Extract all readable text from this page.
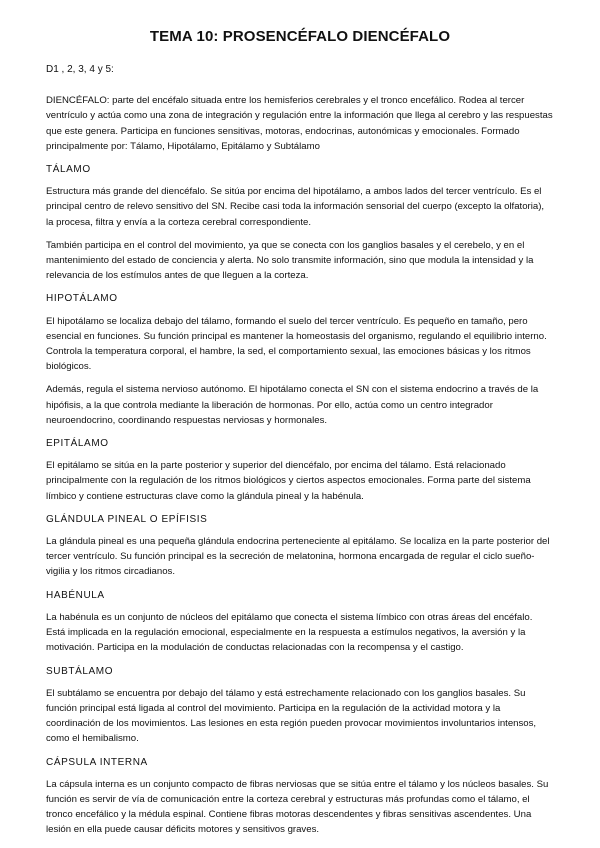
TEMA 10: PROSENCÉFALO DIENCÉFALO
D1 , 2, 3, 4 y 5:

DIENCÉFALO: parte del encéfalo situada entre los hemisferios cerebrales y el tronco encefálico. Rodea al tercer ventrículo y actúa como una zona de integración y regulación entre la información que llega al cerebro y las respuestas que este genera. Participa en funciones sensitivas, motoras, endocrinas, autonómicas y emocionales. Formado principalmente por: Tálamo, Hipotálamo, Epitálamo y Subtálamo

TÁLAMO

Estructura más grande del diencéfalo. Se sitúa por encima del hipotálamo, a ambos lados del tercer ventrículo. Es el principal centro de relevo sensitivo del SN. Recibe casi toda la información sensorial del cuerpo (excepto la olfatoria), la procesa, filtra y envía a la corteza cerebral correspondiente.

También participa en el control del movimiento, ya que se conecta con los ganglios basales y el cerebelo, y en el mantenimiento del estado de conciencia y alerta. No solo transmite información, sino que modula la intensidad y la relevancia de los estímulos antes de que lleguen a la corteza.

HIPOTÁLAMO

El hipotálamo se localiza debajo del tálamo, formando el suelo del tercer ventrículo. Es pequeño en tamaño, pero esencial en funciones. Su función principal es mantener la homeostasis del organismo, regulando el equilibrio interno. Controla la temperatura corporal, el hambre, la sed, el comportamiento sexual, las emociones básicas y los ritmos biológicos.

Además, regula el sistema nervioso autónomo. El hipotálamo conecta el SN con el sistema endocrino a través de la hipófisis, a la que controla mediante la liberación de hormonas. Por ello, actúa como un centro integrador neuroendocrino, coordinando respuestas nerviosas y hormonales.

EPITÁLAMO

El epitálamo se sitúa en la parte posterior y superior del diencéfalo, por encima del tálamo. Está relacionado principalmente con la regulación de los ritmos biológicos y ciertos aspectos emocionales. Forma parte del sistema límbico y contiene estructuras clave como la glándula pineal y la habénula.

GLÁNDULA PINEAL O EPÍFISIS

La glándula pineal es una pequeña glándula endocrina perteneciente al epitálamo. Se localiza en la parte posterior del tercer ventrículo. Su función principal es la secreción de melatonina, hormona encargada de regular el ciclo sueño-vigilia y los ritmos circadianos.

HABÉNULA

La habénula es un conjunto de núcleos del epitálamo que conecta el sistema límbico con otras áreas del encéfalo. Está implicada en la regulación emocional, especialmente en la respuesta a estímulos negativos, la aversión y la motivación. Participa en la modulación de conductas relacionadas con la recompensa y el castigo.

SUBTÁLAMO

El subtálamo se encuentra por debajo del tálamo y está estrechamente relacionado con los ganglios basales. Su función principal está ligada al control del movimiento. Participa en la regulación de la actividad motora y la coordinación de los movimientos. Las lesiones en esta región pueden provocar movimientos involuntarios intensos, como el hemibalismo.

CÁPSULA INTERNA

La cápsula interna es un conjunto compacto de fibras nerviosas que se sitúa entre el tálamo y los núcleos basales. Su función es servir de vía de comunicación entre la corteza cerebral y estructuras más profundas como el tálamo, el tronco encefálico y la médula espinal. Contiene fibras motoras descendentes y fibras sensitivas ascendentes. Una lesión en ella puede causar déficits motores y sensitivos graves.
